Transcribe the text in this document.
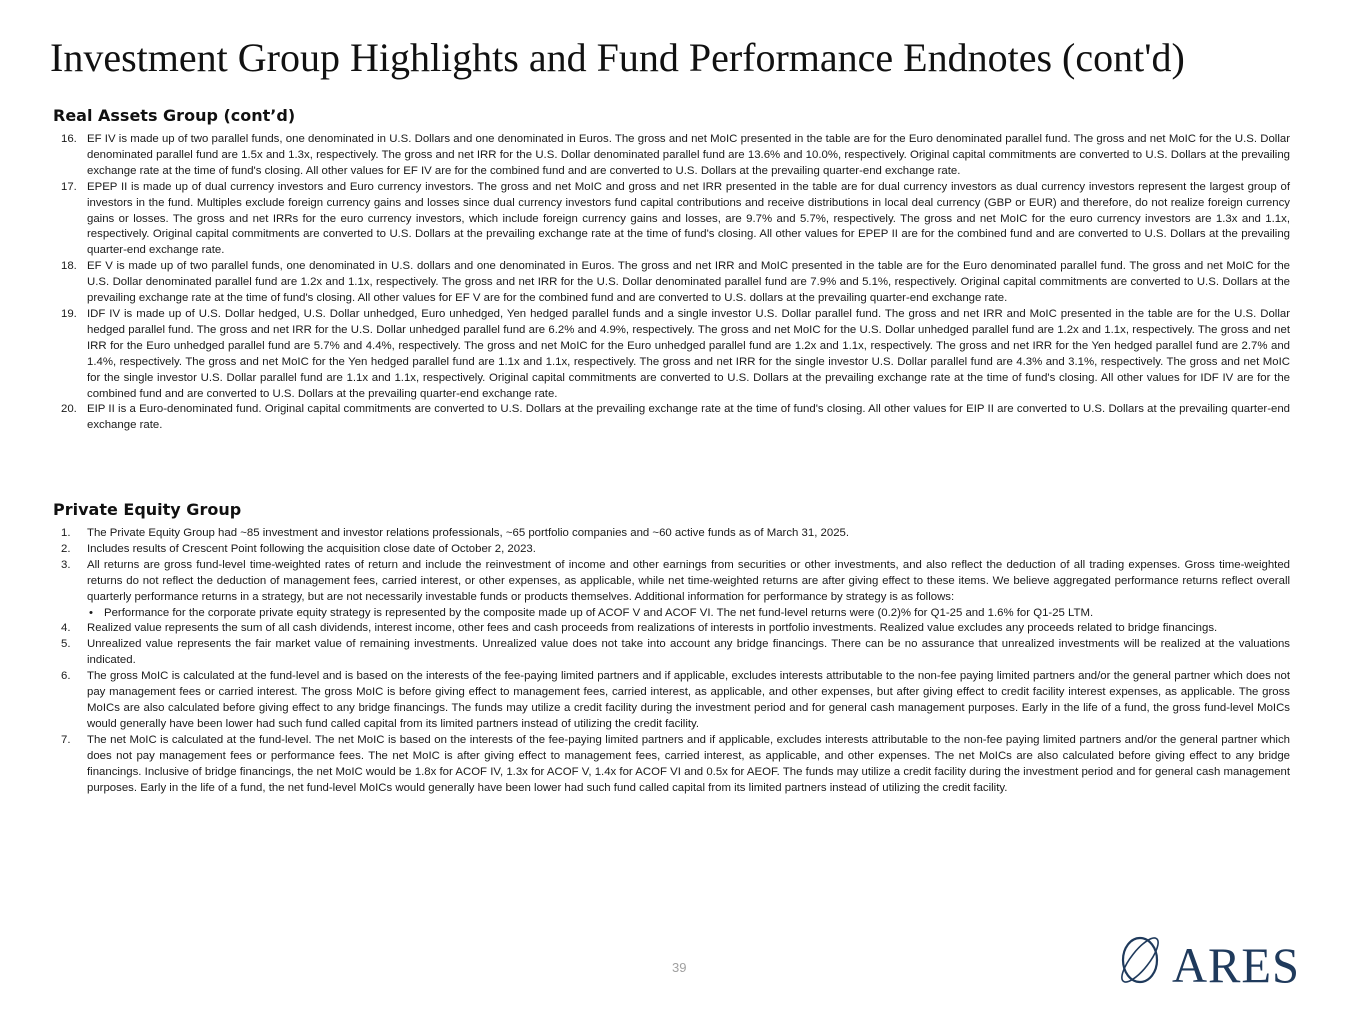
Investment Group Highlights and Fund Performance Endnotes (cont'd)
Real Assets Group (cont’d)
16. EF IV is made up of two parallel funds, one denominated in U.S. Dollars and one denominated in Euros. The gross and net MoIC presented in the table are for the Euro denominated parallel fund. The gross and net MoIC for the U.S. Dollar denominated parallel fund are 1.5x and 1.3x, respectively. The gross and net IRR for the U.S. Dollar denominated parallel fund are 13.6% and 10.0%, respectively. Original capital commitments are converted to U.S. Dollars at the prevailing exchange rate at the time of fund's closing. All other values for EF IV are for the combined fund and are converted to U.S. Dollars at the prevailing quarter-end exchange rate.
17. EPEP II is made up of dual currency investors and Euro currency investors. The gross and net MoIC and gross and net IRR presented in the table are for dual currency investors as dual currency investors represent the largest group of investors in the fund. Multiples exclude foreign currency gains and losses since dual currency investors fund capital contributions and receive distributions in local deal currency (GBP or EUR) and therefore, do not realize foreign currency gains or losses. The gross and net IRRs for the euro currency investors, which include foreign currency gains and losses, are 9.7% and 5.7%, respectively. The gross and net MoIC for the euro currency investors are 1.3x and 1.1x, respectively. Original capital commitments are converted to U.S. Dollars at the prevailing exchange rate at the time of fund's closing. All other values for EPEP II are for the combined fund and are converted to U.S. Dollars at the prevailing quarter-end exchange rate.
18. EF V is made up of two parallel funds, one denominated in U.S. dollars and one denominated in Euros. The gross and net IRR and MoIC presented in the table are for the Euro denominated parallel fund. The gross and net MoIC for the U.S. Dollar denominated parallel fund are 1.2x and 1.1x, respectively. The gross and net IRR for the U.S. Dollar denominated parallel fund are 7.9% and 5.1%, respectively. Original capital commitments are converted to U.S. Dollars at the prevailing exchange rate at the time of fund's closing. All other values for EF V are for the combined fund and are converted to U.S. dollars at the prevailing quarter-end exchange rate.
19. IDF IV is made up of U.S. Dollar hedged, U.S. Dollar unhedged, Euro unhedged, Yen hedged parallel funds and a single investor U.S. Dollar parallel fund. The gross and net IRR and MoIC presented in the table are for the U.S. Dollar hedged parallel fund. The gross and net IRR for the U.S. Dollar unhedged parallel fund are 6.2% and 4.9%, respectively. The gross and net MoIC for the U.S. Dollar unhedged parallel fund are 1.2x and 1.1x, respectively. The gross and net IRR for the Euro unhedged parallel fund are 5.7% and 4.4%, respectively. The gross and net MoIC for the Euro unhedged parallel fund are 1.2x and 1.1x, respectively. The gross and net IRR for the Yen hedged parallel fund are 2.7% and 1.4%, respectively. The gross and net MoIC for the Yen hedged parallel fund are 1.1x and 1.1x, respectively. The gross and net IRR for the single investor U.S. Dollar parallel fund are 4.3% and 3.1%, respectively. The gross and net MoIC for the single investor U.S. Dollar parallel fund are 1.1x and 1.1x, respectively. Original capital commitments are converted to U.S. Dollars at the prevailing exchange rate at the time of fund's closing. All other values for IDF IV are for the combined fund and are converted to U.S. Dollars at the prevailing quarter-end exchange rate.
20. EIP II is a Euro-denominated fund. Original capital commitments are converted to U.S. Dollars at the prevailing exchange rate at the time of fund's closing. All other values for EIP II are converted to U.S. Dollars at the prevailing quarter-end exchange rate.
Private Equity Group
1.	The Private Equity Group had ~85 investment and investor relations professionals, ~65 portfolio companies and ~60 active funds as of March 31, 2025.
2.	Includes results of Crescent Point following the acquisition close date of October 2, 2023.
3.	All returns are gross fund-level time-weighted rates of return and include the reinvestment of income and other earnings from securities or other investments, and also reflect the deduction of all trading expenses. Gross time-weighted returns do not reflect the deduction of management fees, carried interest, or other expenses, as applicable, while net time-weighted returns are after giving effect to these items. We believe aggregated performance returns reflect overall quarterly performance returns in a strategy, but are not necessarily investable funds or products themselves. Additional information for performance by strategy is as follows:
• Performance for the corporate private equity strategy is represented by the composite made up of ACOF V and ACOF VI. The net fund-level returns were (0.2)% for Q1-25 and 1.6% for Q1-25 LTM.
4.	Realized value represents the sum of all cash dividends, interest income, other fees and cash proceeds from realizations of interests in portfolio investments. Realized value excludes any proceeds related to bridge financings.
5.	Unrealized value represents the fair market value of remaining investments. Unrealized value does not take into account any bridge financings. There can be no assurance that unrealized investments will be realized at the valuations indicated.
6.	The gross MoIC is calculated at the fund-level and is based on the interests of the fee-paying limited partners and if applicable, excludes interests attributable to the non-fee paying limited partners and/or the general partner which does not pay management fees or carried interest. The gross MoIC is before giving effect to management fees, carried interest, as applicable, and other expenses, but after giving effect to credit facility interest expenses, as applicable. The gross MoICs are also calculated before giving effect to any bridge financings. The funds may utilize a credit facility during the investment period and for general cash management purposes. Early in the life of a fund, the gross fund-level MoICs would generally have been lower had such fund called capital from its limited partners instead of utilizing the credit facility.
7.	The net MoIC is calculated at the fund-level. The net MoIC is based on the interests of the fee-paying limited partners and if applicable, excludes interests attributable to the non-fee paying limited partners and/or the general partner which does not pay management fees or performance fees. The net MoIC is after giving effect to management fees, carried interest, as applicable, and other expenses. The net MoICs are also calculated before giving effect to any bridge financings. Inclusive of bridge financings, the net MoIC would be 1.8x for ACOF IV, 1.3x for ACOF V, 1.4x for ACOF VI and 0.5x for AEOF. The funds may utilize a credit facility during the investment period and for general cash management purposes. Early in the life of a fund, the net fund-level MoICs would generally have been lower had such fund called capital from its limited partners instead of utilizing the credit facility.
39	ARES
